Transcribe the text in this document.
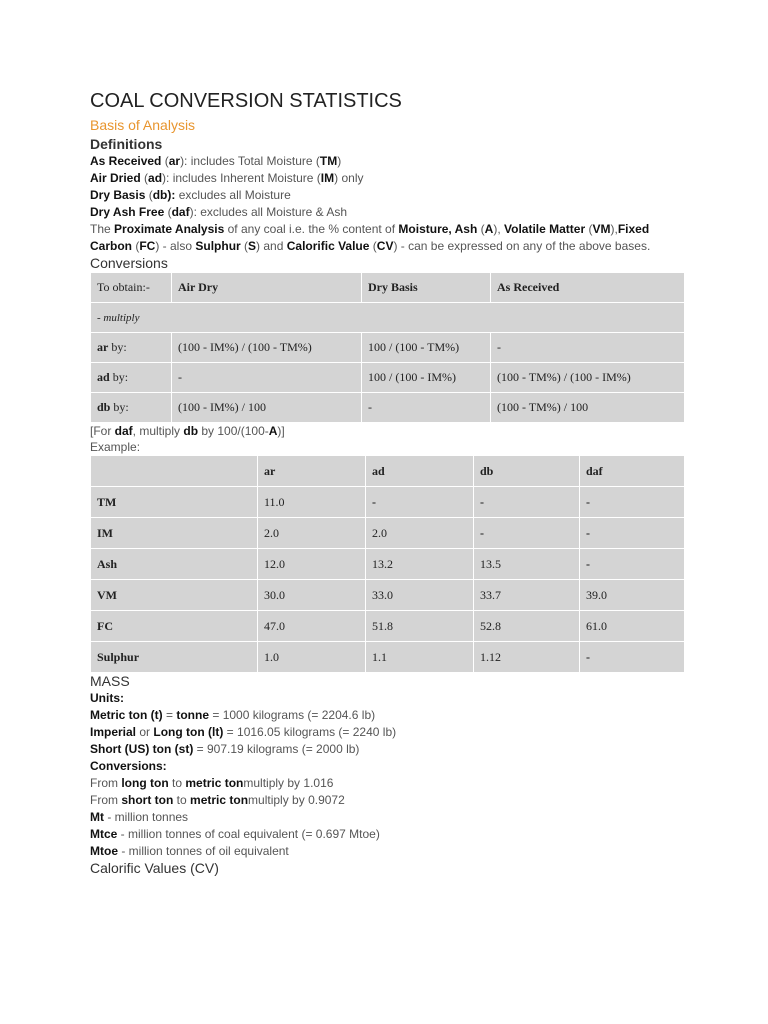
COAL CONVERSION STATISTICS
Basis of Analysis
Definitions
As Received (ar): includes Total Moisture (TM)
Air Dried (ad): includes Inherent Moisture (IM) only
Dry Basis (db): excludes all Moisture
Dry Ash Free (daf): excludes all Moisture & Ash
The Proximate Analysis of any coal i.e. the % content of Moisture, Ash (A), Volatile Matter (VM),Fixed Carbon (FC) - also Sulphur (S) and Calorific Value (CV) - can be expressed on any of the above bases.
Conversions
To obtain:-	Air Dry	Dry Basis	As Received
- multiply			
ar by:	(100 - IM%) / (100 - TM%)	100 / (100 - TM%)	-
ad by:	-	100 / (100 - IM%)	(100 - TM%) / (100 - IM%)
db by:	(100 - IM%) / 100	-	(100 - TM%) / 100
[For daf, multiply db by 100/(100-A)]
Example:
	ar	ad	db	daf
TM	11.0	-	-	-
IM	2.0	2.0	-	-
Ash	12.0	13.2	13.5	-
VM	30.0	33.0	33.7	39.0
FC	47.0	51.8	52.8	61.0
Sulphur	1.0	1.1	1.12	-
MASS
Units:
Metric ton (t) = tonne = 1000 kilograms (= 2204.6 lb)
Imperial or Long ton (lt) = 1016.05 kilograms (= 2240 lb)
Short (US) ton (st) = 907.19 kilograms (= 2000 lb)
Conversions:
From long ton to metric tonmultiply by 1.016
From short ton to metric tonmultiply by 0.9072
Mt - million tonnes
Mtce - million tonnes of coal equivalent (= 0.697 Mtoe)
Mtoe - million tonnes of oil equivalent
Calorific Values (CV)
